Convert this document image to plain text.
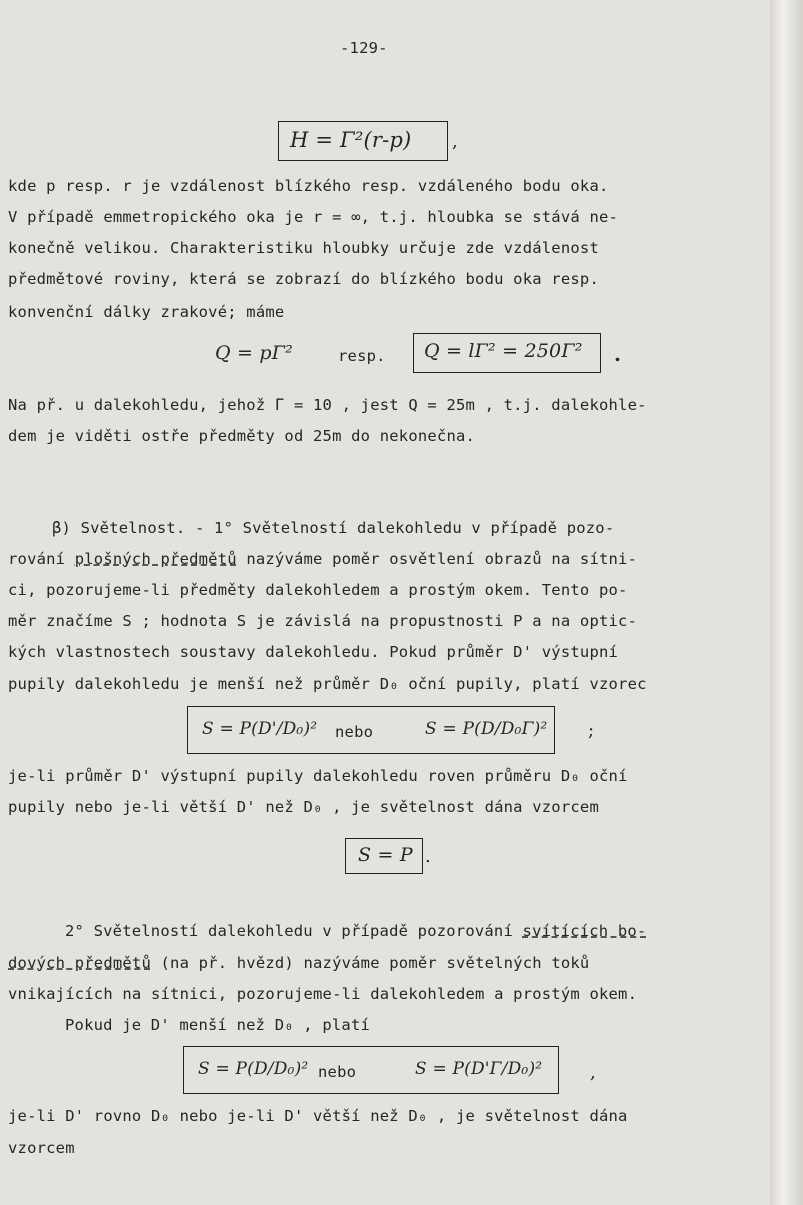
-129-
H = Γ²(r-p) ,
kde p resp. r je vzdálenost blízkého resp. vzdáleného bodu oka.
V případě emmetropického oka je r = ∞, t.j. hloubka se stává ne-
konečně velikou. Charakteristiku hloubky určuje zde vzdálenost
předmětové roviny, která se zobrazí do blízkého bodu oka resp.
konvenční dálky zrakové; máme
Q = pΓ²	resp. Q = lΓ² = 250Γ² .
Na př. u dalekohledu, jehož Γ = 10 , jest Q = 25m , t.j. dalekohle-
dem je viděti ostře předměty od 25m do nekonečna.
β) Světelnost. - 1° Světelností dalekohledu v případě pozo-
rování plošných předmětů nazýváme poměr osvětlení obrazů na sítni-
ci, pozorujeme-li předměty dalekohledem a prostým okem. Tento po-
měr značíme S ; hodnota S je závislá na propustnosti P a na optic-
kých vlastnostech soustavy dalekohledu. Pokud průměr D' výstupní
pupily dalekohledu je menší než průměr D₀ oční pupily, platí vzorec
S = P(D'/D₀)² nebo	S = P(D/D₀Γ)² ;
je-li průměr D' výstupní pupily dalekohledu roven průměru D₀ oční
pupily nebo je-li větší D' než D₀ , je světelnost dána vzorcem
S = P .
2° Světelností dalekohledu v případě pozorování svítících bo-
dových předmětů (na př. hvězd) nazýváme poměr světelných toků
vnikajících na sítnici, pozorujeme-li dalekohledem a prostým okem.
Pokud je D' menší než D₀ , platí
S = P(D/D₀)² nebo	S = P(D'Γ/D₀)²	,
je-li D' rovno D₀ nebo je-li D' větší než D₀ , je světelnost dána
vzorcem
